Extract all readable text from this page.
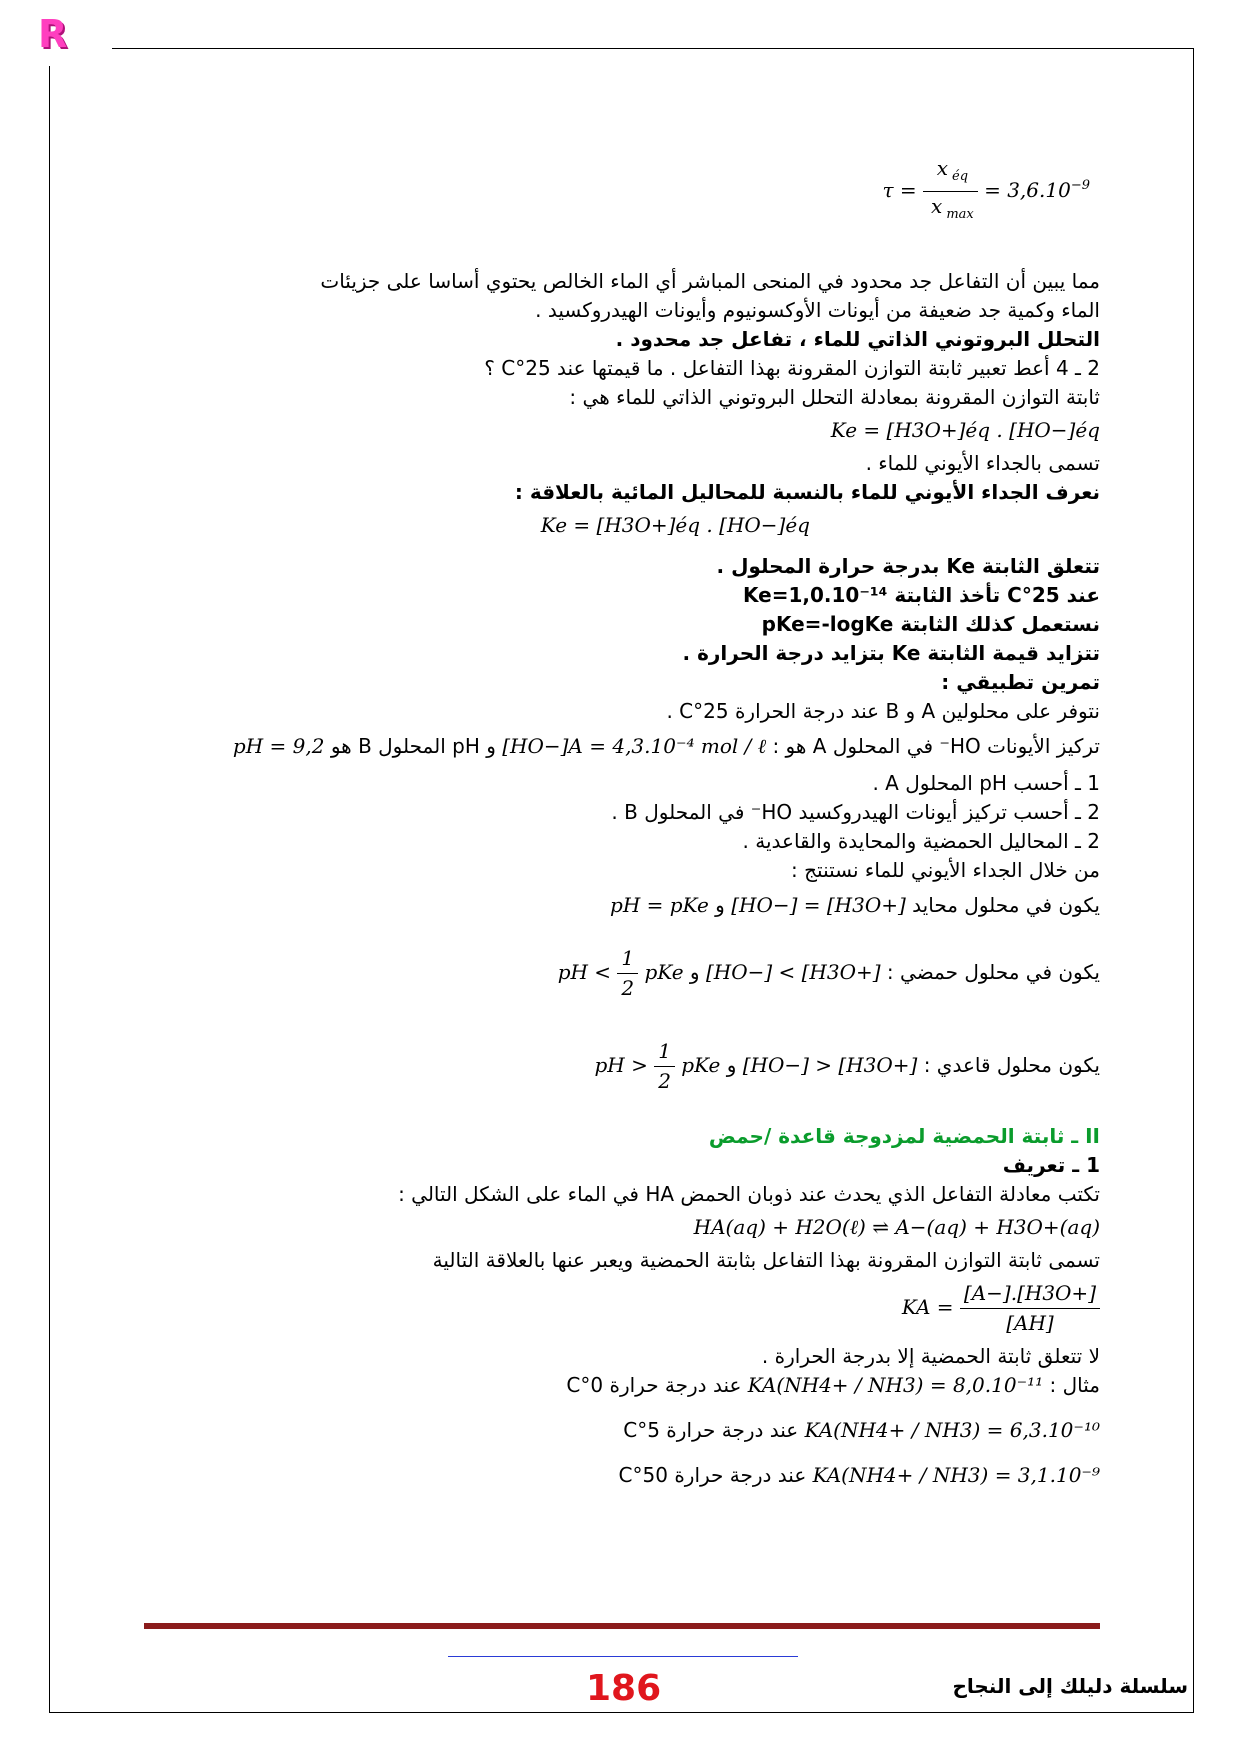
R
$\tau = \frac{x _{éq}}{x _{max}} = 3,6.10^{-9}$
مما يبين أن التفاعل جد محدود في المنحى المباشر أي الماء الخالص يحتوي أساسا على جزيئات
الماء وكمية جد ضعيفة من أيونات الأوكسونيوم وأيونات الهيدروكسيد .
التحلل البروتوني الذاتي للماء ، تفاعل جد محدود .
2 ـ 4 أعط تعبير ثابتة التوازن المقرونة بهذا التفاعل . ما قيمتها عند 25°C ؟
ثابتة التوازن المقرونة بمعادلة التحلل البروتوني الذاتي للماء هي :
Ke = [H3O+]éq . [HO−]éq
تسمى بالجداء الأيوني للماء .
نعرف الجداء الأيوني للماء بالنسبة للمحاليل المائية بالعلاقة :
Ke = [H3O+]éq . [HO−]éq
تتعلق الثابتة Ke بدرجة حرارة المحلول .
عند 25°C تأخذ الثابتة Ke=1,0.10⁻¹⁴
نستعمل كذلك الثابتة pKe=-logKe
تتزايد قيمة الثابتة Ke بتزايد درجة الحرارة .
تمرين تطبيقي :
نتوفر على محلولين A و B عند درجة الحرارة 25°C .
تركيز الأيونات HO⁻ في المحلول A هو : [HO−]A = 4,3.10⁻⁴ mol / ℓ و pH المحلول B هو pH = 9,2
1 ـ أحسب pH المحلول A .
2 ـ أحسب تركيز أيونات الهيدروكسيد HO⁻ في المحلول B .
2 ـ المحاليل الحمضية والمحايدة والقاعدية .
من خلال الجداء الأيوني للماء نستنتج :
يكون في محلول محايد [HO−] = [H3O+] و pH = pKe
يكون في محلول حمضي : [HO−] < [H3O+] و pH < $\frac{1}{2}$ pKe
يكون محلول قاعدي : [HO−] > [H3O+] و pH > $\frac{1}{2}$ pKe
II ـ ثابتة الحمضية لمزدوجة قاعدة /حمض
1 ـ تعريف
تكتب معادلة التفاعل الذي يحدث عند ذوبان الحمض HA في الماء على الشكل التالي :
HA(aq) + H2O(ℓ) ⇌ A−(aq) + H3O+(aq)
تسمى ثابتة التوازن المقرونة بهذا التفاعل بثابتة الحمضية ويعبر عنها بالعلاقة التالية
KA = $\frac{[A-].[H3O+]}{[AH]}$
لا تتعلق ثابتة الحمضية إلا بدرجة الحرارة .
مثال : KA(NH4+ / NH3) = 8,0.10⁻¹¹ عند درجة حرارة 0°C
KA(NH4+ / NH3) = 6,3.10⁻¹⁰ عند درجة حرارة 5°C
KA(NH4+ / NH3) = 3,1.10⁻⁹ عند درجة حرارة 50°C
186	سلسلة دليلك إلى النجاح
